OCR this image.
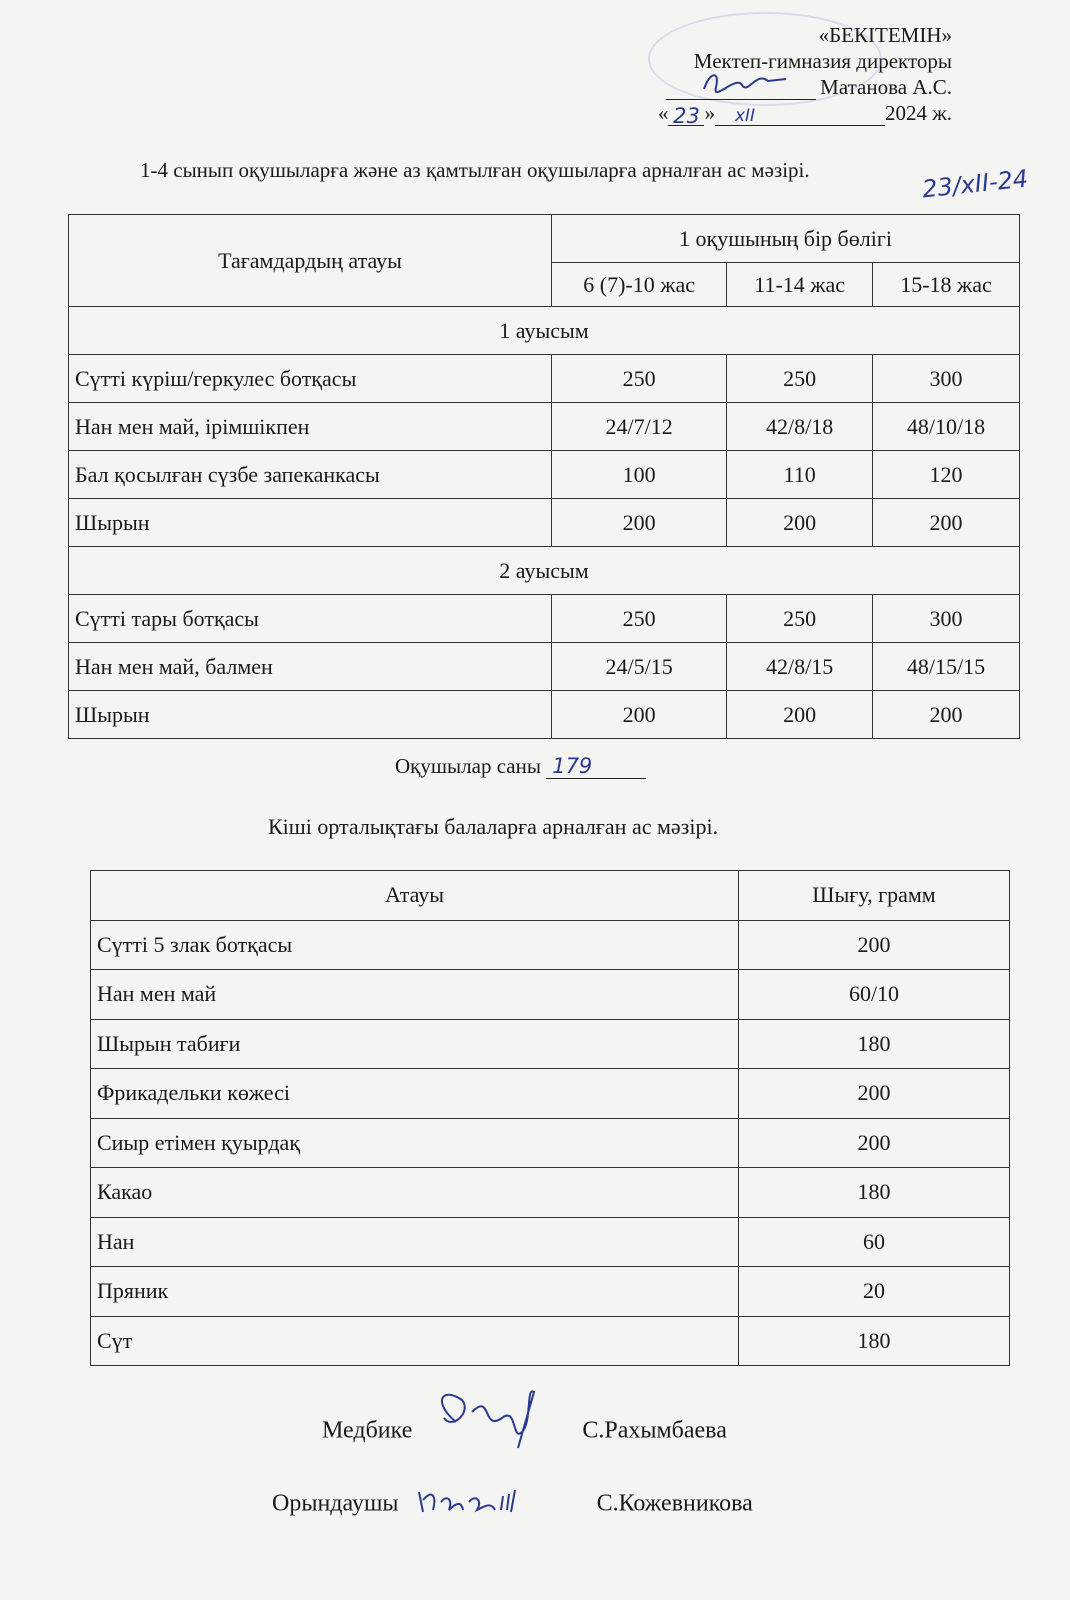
«БЕКІТЕМІН»
Мектеп-гимназия директоры
Матанова А.С.
« 23 »	xII	2024 ж.
1-4 сынып оқушыларға және аз қамтылған оқушыларға арналған ас мәзірі.	23/xII-24
Тағамдардың атауы	1 оқушының бір бөлігі		
	6 (7)-10 жас	11-14 жас	15-18 жас
1 ауысым			
Сүтті күріш/геркулес ботқасы	250	250	300
Нан мен май, ірімшікпен	24/7/12	42/8/18	48/10/18
Бал қосылған сүзбе запеканкасы	100	110	120
Шырын	200	200	200
2 ауысым			
Сүтті тары ботқасы	250	250	300
Нан мен май, балмен	24/5/15	42/8/15	48/15/15
Шырын	200	200	200
Оқушылар саны 179
Кіші орталықтағы балаларға арналған ас мәзірі.
Атауы	Шығу, грамм
Сүтті 5 злак ботқасы	200
Нан мен май	60/10
Шырын табиғи	180
Фрикадельки көжесі	200
Сиыр етімен қуырдақ	200
Какао	180
Нан	60
Пряник	20
Сүт	180
Медбике	С.Рахымбаева
Орындаушы	С.Кожевникова
